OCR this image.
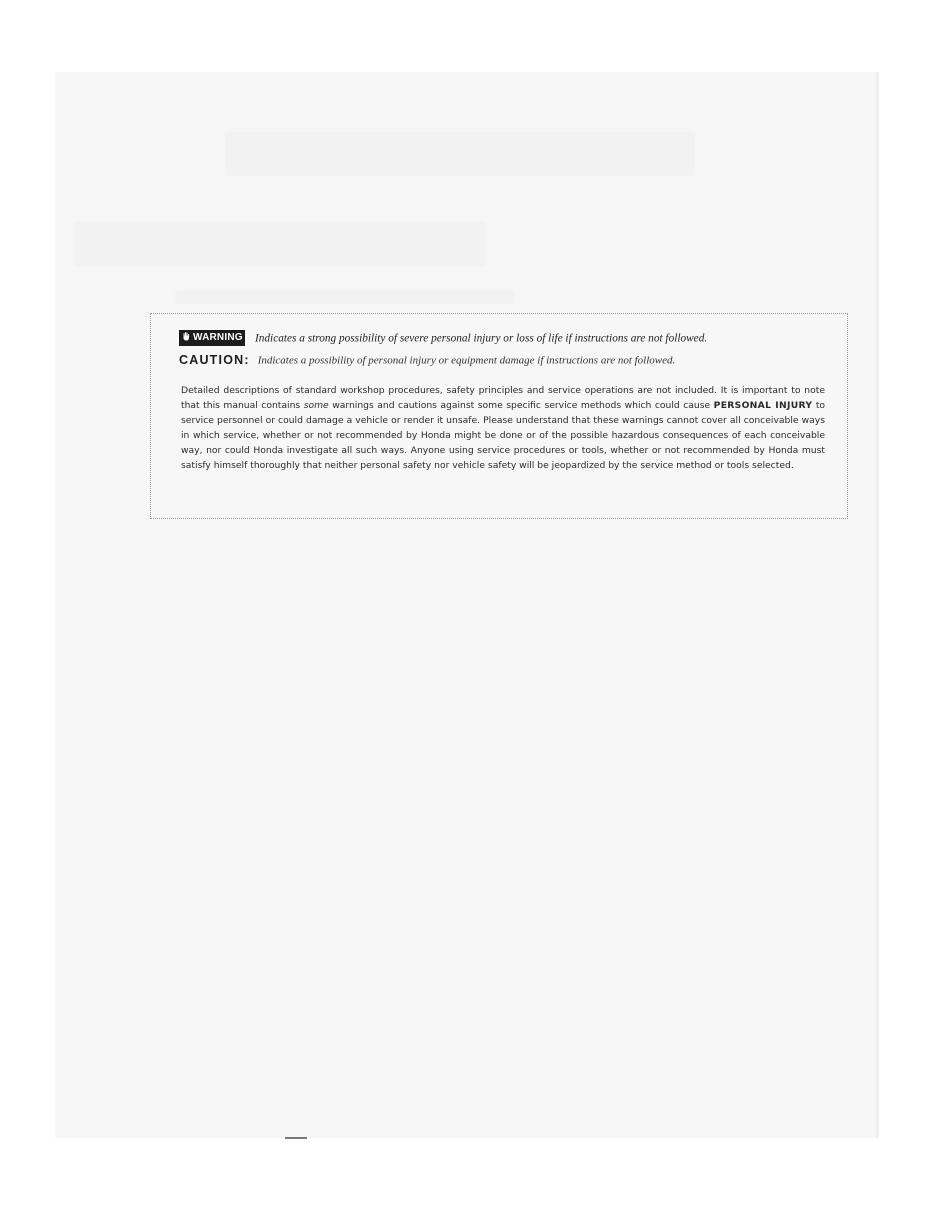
WARNING Indicates a strong possibility of severe personal injury or loss of life if instructions are not followed.
CAUTION: Indicates a possibility of personal injury or equipment damage if instructions are not followed.

Detailed descriptions of standard workshop procedures, safety principles and service operations are not included. It is important to note that this manual contains some warnings and cautions against some specific service methods which could cause PERSONAL INJURY to service personnel or could damage a vehicle or render it unsafe. Please understand that these warnings cannot cover all conceivable ways in which service, whether or not recommended by Honda might be done or of the possible hazardous consequences of each conceivable way, nor could Honda investigate all such ways. Anyone using service procedures or tools, whether or not recommended by Honda must satisfy himself thoroughly that neither personal safety nor vehicle safety will be jeopardized by the service method or tools selected.
